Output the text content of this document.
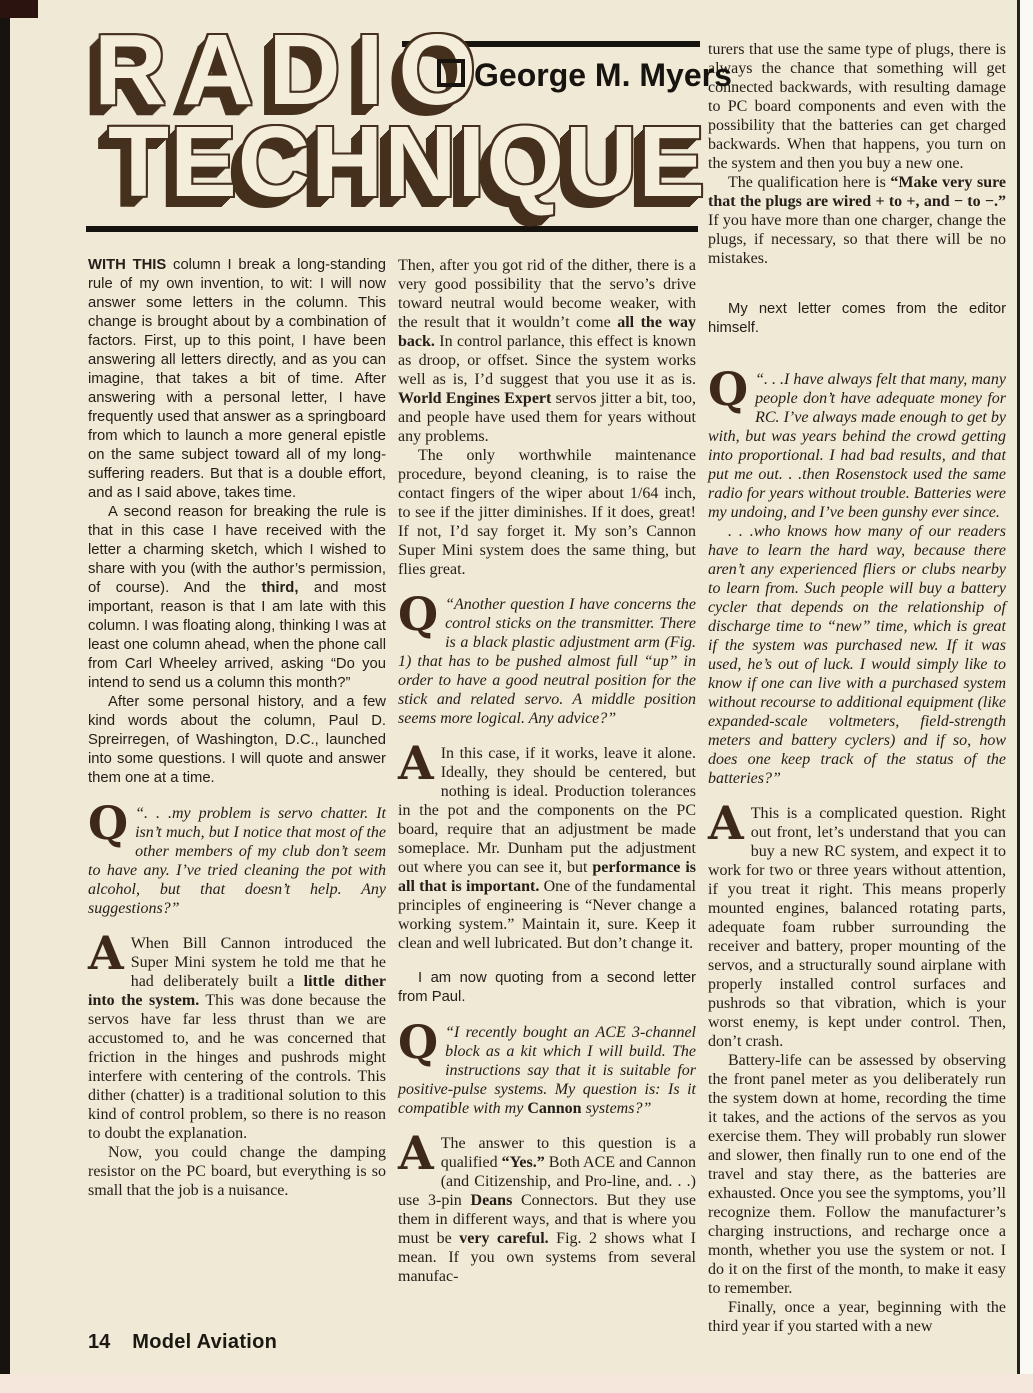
RADIO
TECHNIQUE
George M. Myers

WITH THIS column I break a long-standing rule of my own invention, to wit: I will now answer some letters in the column. This change is brought about by a combination of factors. First, up to this point, I have been answering all letters directly, and as you can imagine, that takes a bit of time. After answering with a personal letter, I have frequently used that answer as a springboard from which to launch a more general epistle on the same subject toward all of my long-suffering readers. But that is a double effort, and as I said above, takes time.

A second reason for breaking the rule is that in this case I have received with the letter a charming sketch, which I wished to share with you (with the author’s permission, of course). And the third, and most important, reason is that I am late with this column. I was floating along, thinking I was at least one column ahead, when the phone call from Carl Wheeley arrived, asking “Do you intend to send us a column this month?”

After some personal history, and a few kind words about the column, Paul D. Spreirregen, of Washington, D.C., launched into some questions. I will quote and answer them one at a time.

Q “. . .my problem is servo chatter. It isn’t much, but I notice that most of the other members of my club don’t seem to have any. I’ve tried cleaning the pot with alcohol, but that doesn’t help. Any suggestions?”

A When Bill Cannon introduced the Super Mini system he told me that he had deliberately built a little dither into the system. This was done because the servos have far less thrust than we are accustomed to, and he was concerned that friction in the hinges and pushrods might interfere with centering of the controls. This dither (chatter) is a traditional solution to this kind of control problem, so there is no reason to doubt the explanation.

Now, you could change the damping resistor on the PC board, but everything is so small that the job is a nuisance.

Then, after you got rid of the dither, there is a very good possibility that the servo’s drive toward neutral would become weaker, with the result that it wouldn’t come all the way back. In control parlance, this effect is known as droop, or offset. Since the system works well as is, I’d suggest that you use it as is. World Engines Expert servos jitter a bit, too, and people have used them for years without any problems.

The only worthwhile maintenance procedure, beyond cleaning, is to raise the contact fingers of the wiper about 1/64 inch, to see if the jitter diminishes. If it does, great! If not, I’d say forget it. My son’s Cannon Super Mini system does the same thing, but flies great.

Q “Another question I have concerns the control sticks on the transmitter. There is a black plastic adjustment arm (Fig. 1) that has to be pushed almost full “up” in order to have a good neutral position for the stick and related servo. A middle position seems more logical. Any advice?”

A In this case, if it works, leave it alone. Ideally, they should be centered, but nothing is ideal. Production tolerances in the pot and the components on the PC board, require that an adjustment be made someplace. Mr. Dunham put the adjustment out where you can see it, but performance is all that is important. One of the fundamental principles of engineering is “Never change a working system.” Maintain it, sure. Keep it clean and well lubricated. But don’t change it.

I am now quoting from a second letter from Paul.

Q “I recently bought an ACE 3-channel block as a kit which I will build. The instructions say that it is suitable for positive-pulse systems. My question is: Is it compatible with my Cannon systems?”

A The answer to this question is a qualified “Yes.” Both ACE and Cannon (and Citizenship, and Pro-line, and. . .) use 3-pin Deans Connectors. But they use them in different ways, and that is where you must be very careful. Fig. 2 shows what I mean. If you own systems from several manufac-

turers that use the same type of plugs, there is always the chance that something will get connected backwards, with resulting damage to PC board components and even with the possibility that the batteries can get charged backwards. When that happens, you turn on the system and then you buy a new one.

The qualification here is “Make very sure that the plugs are wired + to +, and − to −.” If you have more than one charger, change the plugs, if necessary, so that there will be no mistakes.

My next letter comes from the editor himself.

Q “. . .I have always felt that many, many people don’t have adequate money for RC. I’ve always made enough to get by with, but was years behind the crowd getting into proportional. I had bad results, and that put me out. . .then Rosenstock used the same radio for years without trouble. Batteries were my undoing, and I’ve been gunshy ever since.

. . .who knows how many of our readers have to learn the hard way, because there aren’t any experienced fliers or clubs nearby to learn from. Such people will buy a battery cycler that depends on the relationship of discharge time to “new” time, which is great if the system was purchased new. If it was used, he’s out of luck. I would simply like to know if one can live with a purchased system without recourse to additional equipment (like expanded-scale voltmeters, field-strength meters and battery cyclers) and if so, how does one keep track of the status of the batteries?”

A This is a complicated question. Right out front, let’s understand that you can buy a new RC system, and expect it to work for two or three years without attention, if you treat it right. This means properly mounted engines, balanced rotating parts, adequate foam rubber surrounding the receiver and battery, proper mounting of the servos, and a structurally sound airplane with properly installed control surfaces and pushrods so that vibration, which is your worst enemy, is kept under control. Then, don’t crash.

Battery-life can be assessed by observing the front panel meter as you deliberately run the system down at home, recording the time it takes, and the actions of the servos as you exercise them. They will probably run slower and slower, then finally run to one end of the travel and stay there, as the batteries are exhausted. Once you see the symptoms, you’ll recognize them. Follow the manufacturer’s charging instructions, and recharge once a month, whether you use the system or not. I do it on the first of the month, to make it easy to remember.

Finally, once a year, beginning with the third year if you started with a new

14 Model Aviation
